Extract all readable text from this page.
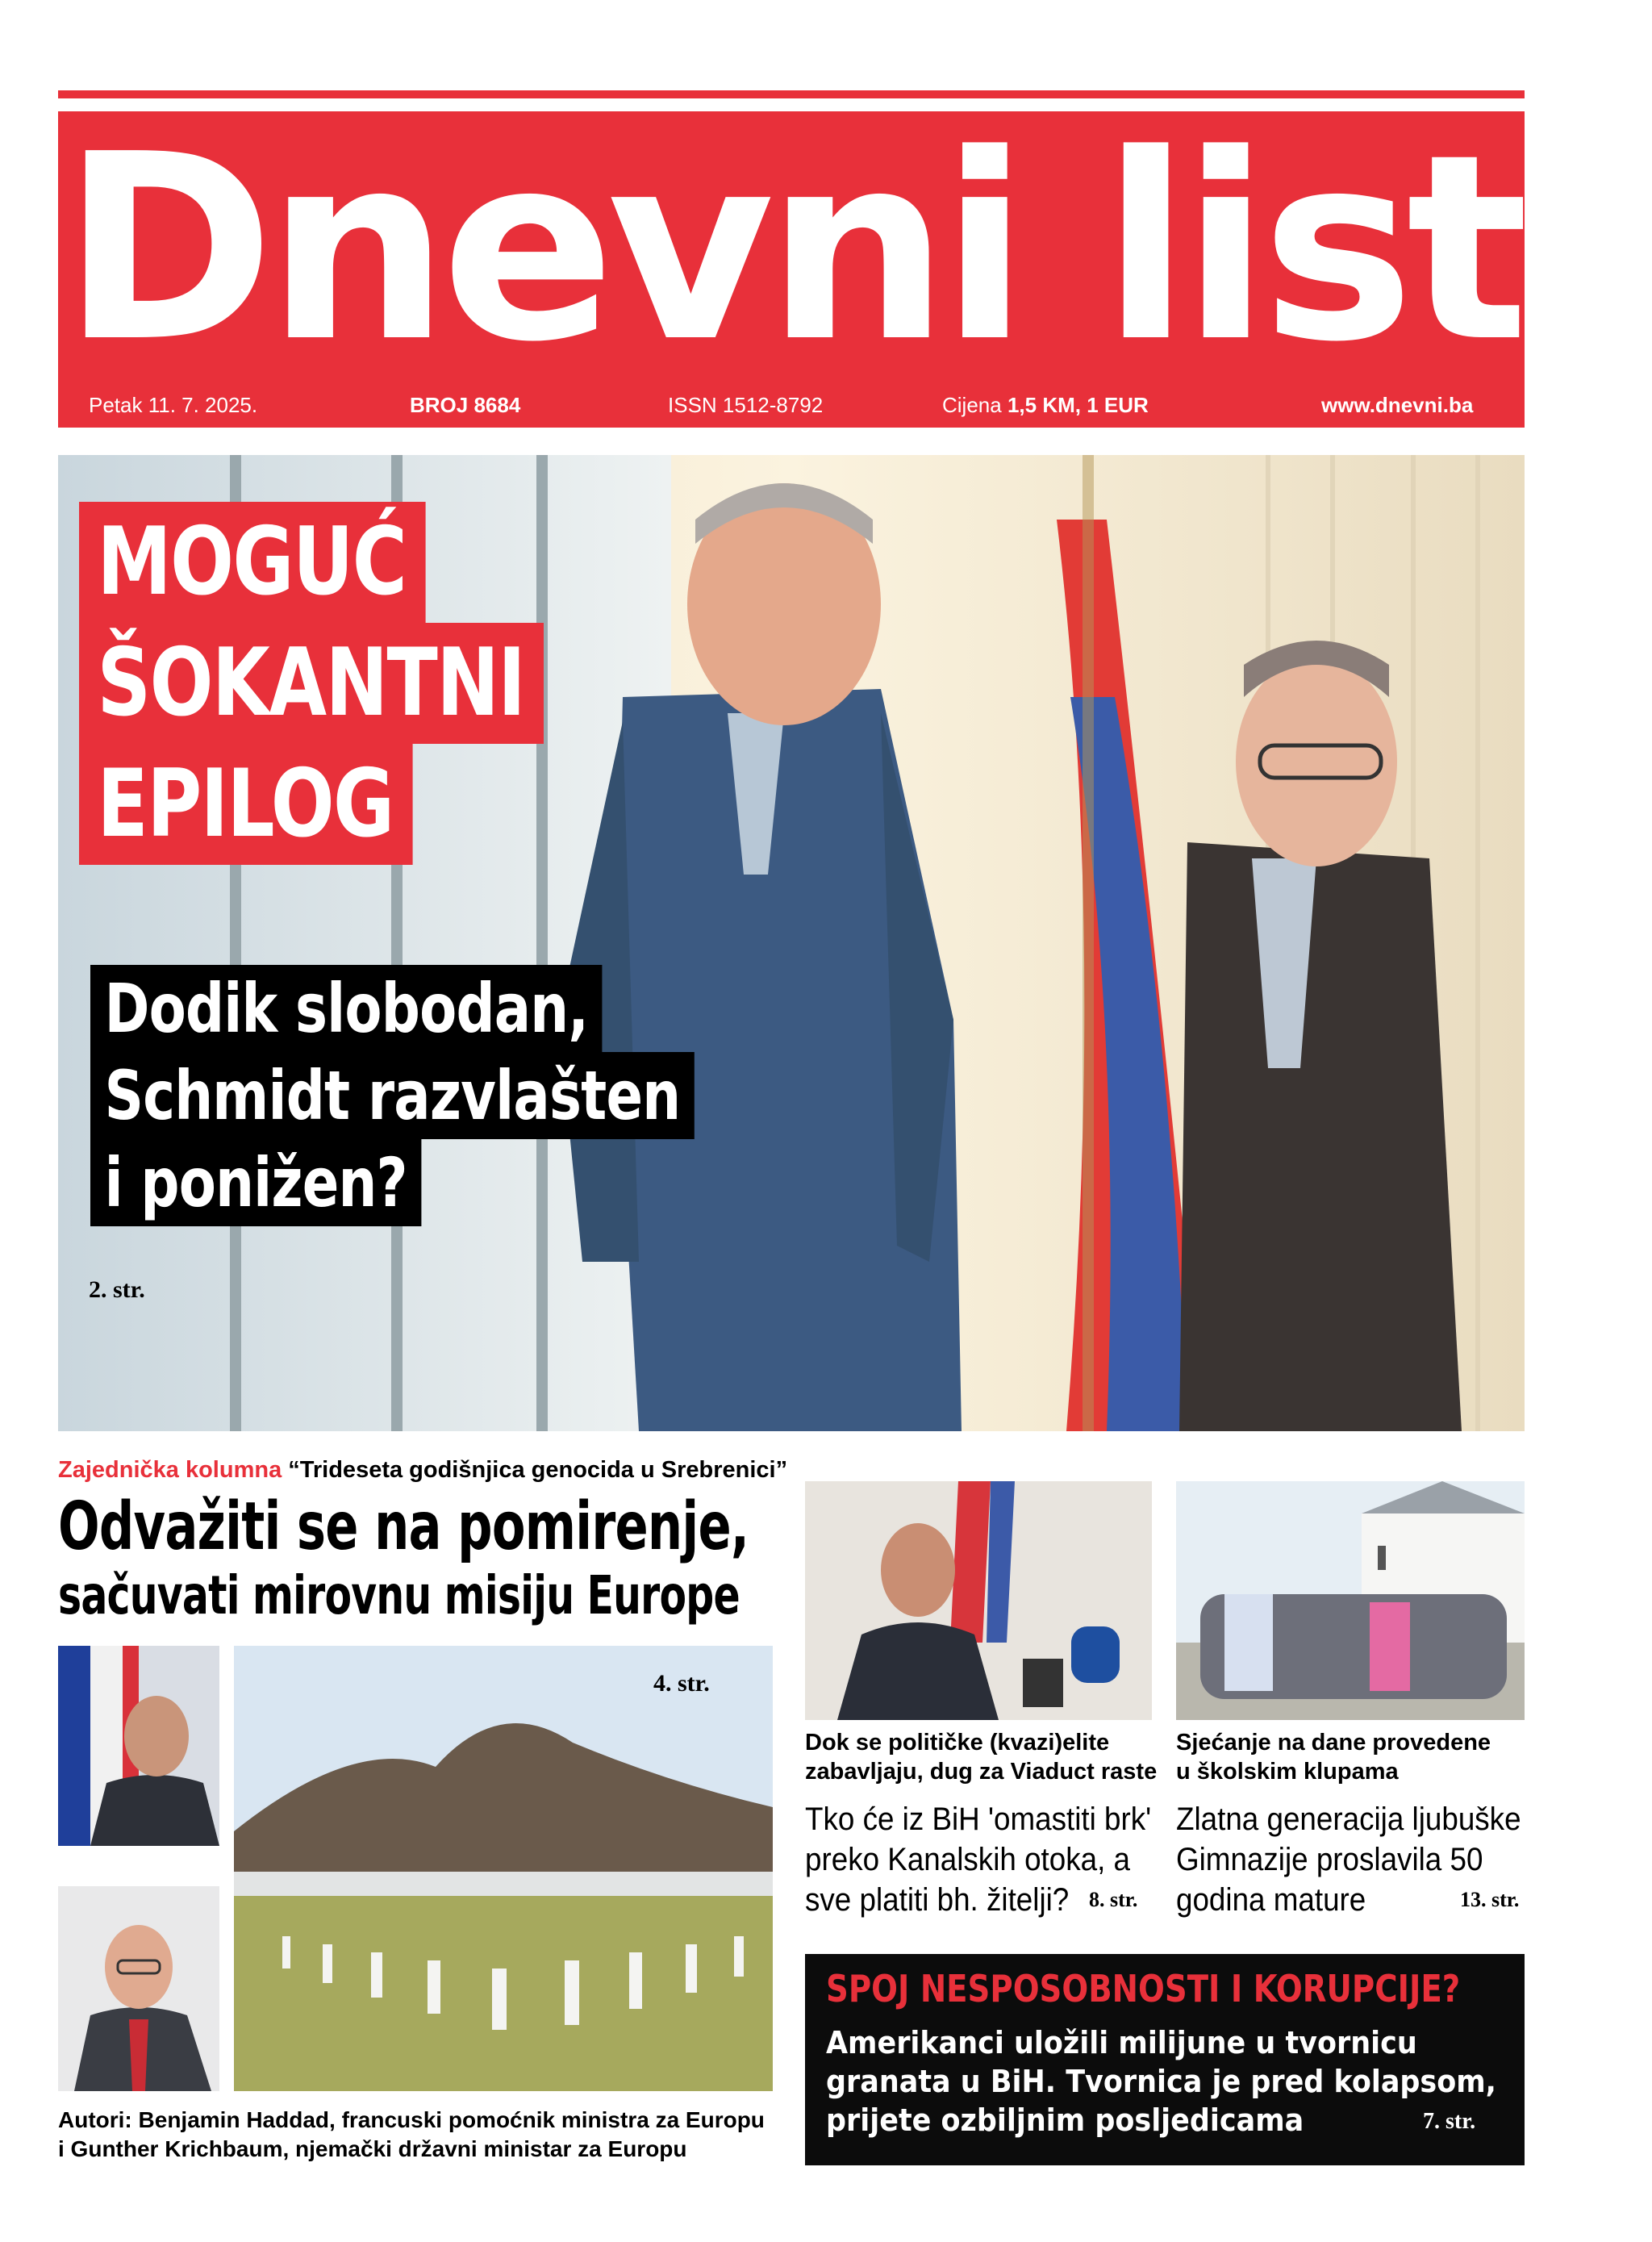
Dnevni list
Petak 11. 7. 2025.	BROJ 8684	ISSN 1512-8792	Cijena 1,5 KM, 1 EUR	www.dnevni.ba
MOGUĆ
ŠOKANTNI
EPILOG
Dodik slobodan,
Schmidt razvlašten
i ponižen?
2. str.
Zajednička kolumna “Trideseta godišnjica genocida u Srebrenici”
Odvažiti se na pomirenje,
sačuvati mirovnu misiju Europe
4. str.
Autori: Benjamin Haddad, francuski pomoćnik ministra za Europu
i Gunther Krichbaum, njemački državni ministar za Europu
Dok se političke (kvazi)elite
zabavljaju, dug za Viaduct raste
Tko će iz BiH 'omastiti brk'
preko Kanalskih otoka, a
sve platiti bh. žitelji? 8. str.
Sjećanje na dane provedene
u školskim klupama
Zlatna generacija ljubuške
Gimnazije proslavila 50
godina mature	13. str.
SPOJ NESPOSOBNOSTI I KORUPCIJE?
Amerikanci uložili milijune u tvornicu
granata u BiH. Tvornica je pred kolapsom,
prijete ozbiljnim posljedicama	7. str.
